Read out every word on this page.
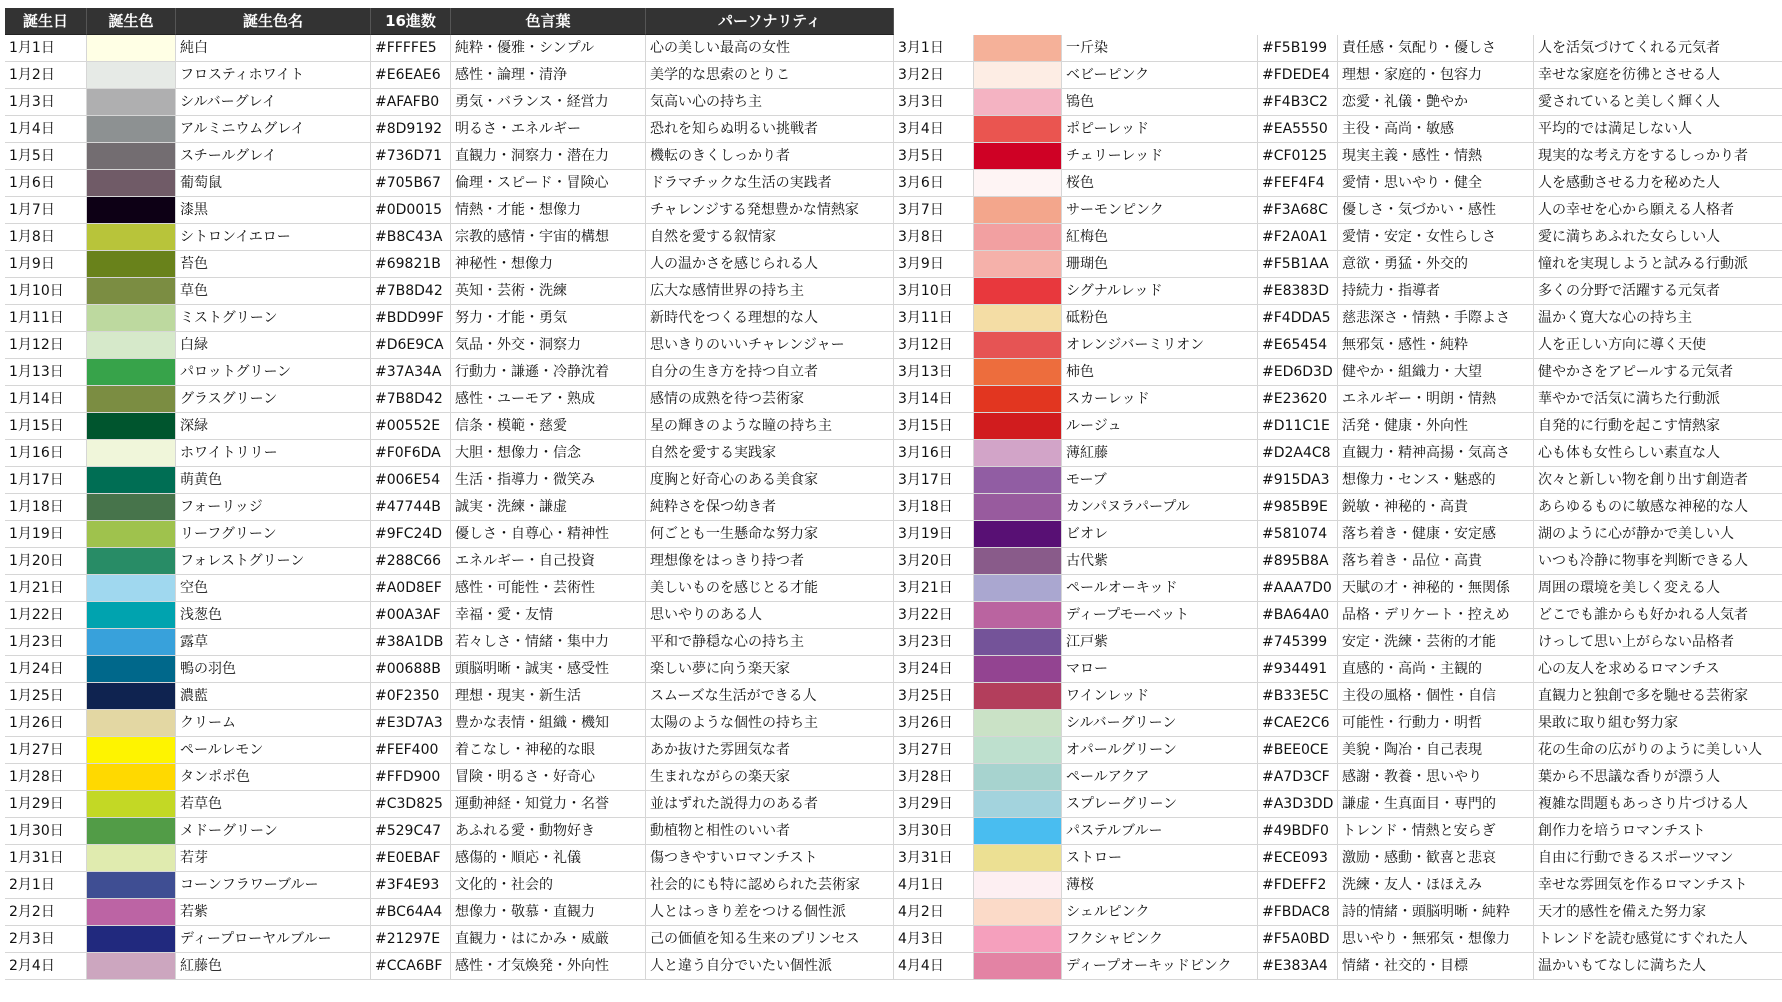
誕生日	誕生色	誕生色名	16進数	色言葉	パーソナリティ
1月1日	純白	#FFFFE5	純粋・優雅・シンプル	心の美しい最高の女性
1月2日	フロスティホワイト	#E6EAE6	感性・論理・清浄	美学的な思索のとりこ
1月3日	シルバーグレイ	#AFAFB0	勇気・バランス・経営力	気高い心の持ち主
1月4日	アルミニウムグレイ	#8D9192 明るさ・エネルギー	恐れを知らぬ明るい挑戦者
1月5日	スチールグレイ	#736D71 直観力・洞察力・潜在力	機転のきくしっかり者
1月6日	葡萄鼠	#705B67	倫理・スピード・冒険心	ドラマチックな生活の実践者
1月7日	漆黒	#0D0015 情熱・才能・想像力	チャレンジする発想豊かな情熱家
1月8日	シトロンイエロー	#B8C43A 宗教的感情・宇宙的構想	自然を愛する叙情家
1月9日	苔色	#69821B	神秘性・想像力	人の温かさを感じられる人
1月10日	草色	#7B8D42 英知・芸術・洗練	広大な感情世界の持ち主
1月11日	ミストグリーン	#BDD99F 努力・才能・勇気	新時代をつくる理想的な人
1月12日	白緑	#D6E9CA 気品・外交・洞察力	思いきりのいいチャレンジャー
1月13日	パロットグリーン	#37A34A 行動力・謙遜・冷静沈着	自分の生き方を持つ自立者
1月14日	グラスグリーン	#7B8D42 感性・ユーモア・熟成	感情の成熟を待つ芸術家
1月15日	深緑	#00552E	信条・模範・慈愛	星の輝きのような瞳の持ち主
1月16日	ホワイトリリー	#F0F6DA	大胆・想像力・信念	自然を愛する実践家
1月17日	萌黄色	#006E54	生活・指導力・微笑み	度胸と好奇心のある美食家
1月18日	フォーリッジ	#47744B	誠実・洗練・謙虚	純粋さを保つ幼き者
1月19日	リーフグリーン	#9FC24D 優しさ・自尊心・精神性	何ごとも一生懸命な努力家
1月20日	フォレストグリーン	#288C66 エネルギー・自己投資	理想像をはっきり持つ者
1月21日	空色	#A0D8EF 感性・可能性・芸術性	美しいものを感じとる才能
1月22日	浅葱色	#00A3AF	幸福・愛・友情	思いやりのある人
1月23日	露草	#38A1DB 若々しさ・情緒・集中力	平和で静穏な心の持ち主
1月24日	鴨の羽色	#00688B	頭脳明晰・誠実・感受性	楽しい夢に向う楽天家
1月25日	濃藍	#0F2350	理想・現実・新生活	スムーズな生活ができる人
1月26日	クリーム	#E3D7A3 豊かな表情・組織・機知	太陽のような個性の持ち主
1月27日	ペールレモン	#FEF400	着こなし・神秘的な眼	あか抜けた雰囲気な者
1月28日	タンポポ色	#FFD900	冒険・明るさ・好奇心	生まれながらの楽天家
1月29日	若草色	#C3D825 運動神経・知覚力・名誉	並はずれた説得力のある者
1月30日	メドーグリーン	#529C47 あふれる愛・動物好き	動植物と相性のいい者
1月31日	若芽	#E0EBAF	感傷的・順応・礼儀	傷つきやすいロマンチスト
2月1日	コーンフラワーブルー	#3F4E93	文化的・社会的	社会的にも特に認められた芸術家
2月2日	若紫	#BC64A4 想像力・敬慕・直観力	人とはっきり差をつける個性派
2月3日	ディープローヤルブルー	#21297E	直観力・はにかみ・威厳	己の価値を知る生来のプリンセス
2月4日	紅藤色	#CCA6BF 感性・才気煥発・外向性	人と違う自分でいたい個性派
3月1日	一斤染	#F5B199	責任感・気配り・優しさ	人を活気づけてくれる元気者
3月2日	ベビーピンク	#FDEDE4 理想・家庭的・包容力	幸せな家庭を彷彿とさせる人
3月3日	鴇色	#F4B3C2	恋愛・礼儀・艶やか	愛されていると美しく輝く人
3月4日	ポピーレッド	#EA5550	主役・高尚・敏感	平均的では満足しない人
3月5日	チェリーレッド	#CF0125	現実主義・感性・情熱	現実的な考え方をするしっかり者
3月6日	桜色	#FEF4F4	愛情・思いやり・健全	人を感動させる力を秘めた人
3月7日	サーモンピンク	#F3A68C	優しさ・気づかい・感性	人の幸せを心から願える人格者
3月8日	紅梅色	#F2A0A1	愛情・安定・女性らしさ	愛に満ちあふれた女らしい人
3月9日	珊瑚色	#F5B1AA 意欲・勇猛・外交的	憧れを実現しようと試みる行動派
3月10日	シグナルレッド	#E8383D 持続力・指導者	多くの分野で活躍する元気者
3月11日	砥粉色	#F4DDA5 慈悲深さ・情熱・手際よさ	温かく寛大な心の持ち主
3月12日	オレンジバーミリオン	#E65454	無邪気・感性・純粋	人を正しい方向に導く天使
3月13日	柿色	#ED6D3D 健やか・組織力・大望	健やかさをアピールする元気者
3月14日	スカーレッド	#E23620	エネルギー・明朗・情熱	華やかで活気に満ちた行動派
3月15日	ルージュ	#D11C1E 活発・健康・外向性	自発的に行動を起こす情熱家
3月16日	薄紅藤	#D2A4C8 直観力・精神高揚・気高さ	心も体も女性らしい素直な人
3月17日	モーブ	#915DA3 想像力・センス・魅惑的	次々と新しい物を創り出す創造者
3月18日	カンパヌラパープル	#985B9E	鋭敏・神秘的・高貴	あらゆるものに敏感な神秘的な人
3月19日	ビオレ	#581074	落ち着き・健康・安定感	湖のように心が静かで美しい人
3月20日	古代紫	#895B8A 落ち着き・品位・高貴	いつも冷静に物事を判断できる人
3月21日	ペールオーキッド	#AAA7D0 天賦の才・神秘的・無関係	周囲の環境を美しく変える人
3月22日	ディープモーベット	#BA64A0 品格・デリケート・控えめ	どこでも誰からも好かれる人気者
3月23日	江戸紫	#745399	安定・洗練・芸術的才能	けっして思い上がらない品格者
3月24日	マロー	#934491	直感的・高尚・主観的	心の友人を求めるロマンチス
3月25日	ワインレッド	#B33E5C 主役の風格・個性・自信	直観力と独創で多を馳せる芸術家
3月26日	シルバーグリーン	#CAE2C6 可能性・行動力・明哲	果敢に取り組む努力家
3月27日	オパールグリーン	#BEE0CE 美貌・陶冶・自己表現	花の生命の広がりのように美しい人
3月28日	ペールアクア	#A7D3CF 感謝・教養・思いやり	葉から不思議な香りが漂う人
3月29日	スプレーグリーン	#A3D3DD 謙虚・生真面目・専門的	複雑な問題もあっさり片づける人
3月30日	パステルブルー	#49BDF0 トレンド・情熱と安らぎ	創作力を培うロマンチスト
3月31日	ストロー	#ECE093	激励・感動・歓喜と悲哀	自由に行動できるスポーツマン
4月1日	薄桜	#FDEFF2	洗練・友人・ほほえみ	幸せな雰囲気を作るロマンチスト
4月2日	シェルピンク	#FBDAC8 詩的情緒・頭脳明晰・純粋	天才的感性を備えた努力家
4月3日	フクシャピンク	#F5A0BD 思いやり・無邪気・想像力	トレンドを読む感覚にすぐれた人
4月4日	ディープオーキッドピンク	#E383A4	情緒・社交的・目標	温かいもてなしに満ちた人
